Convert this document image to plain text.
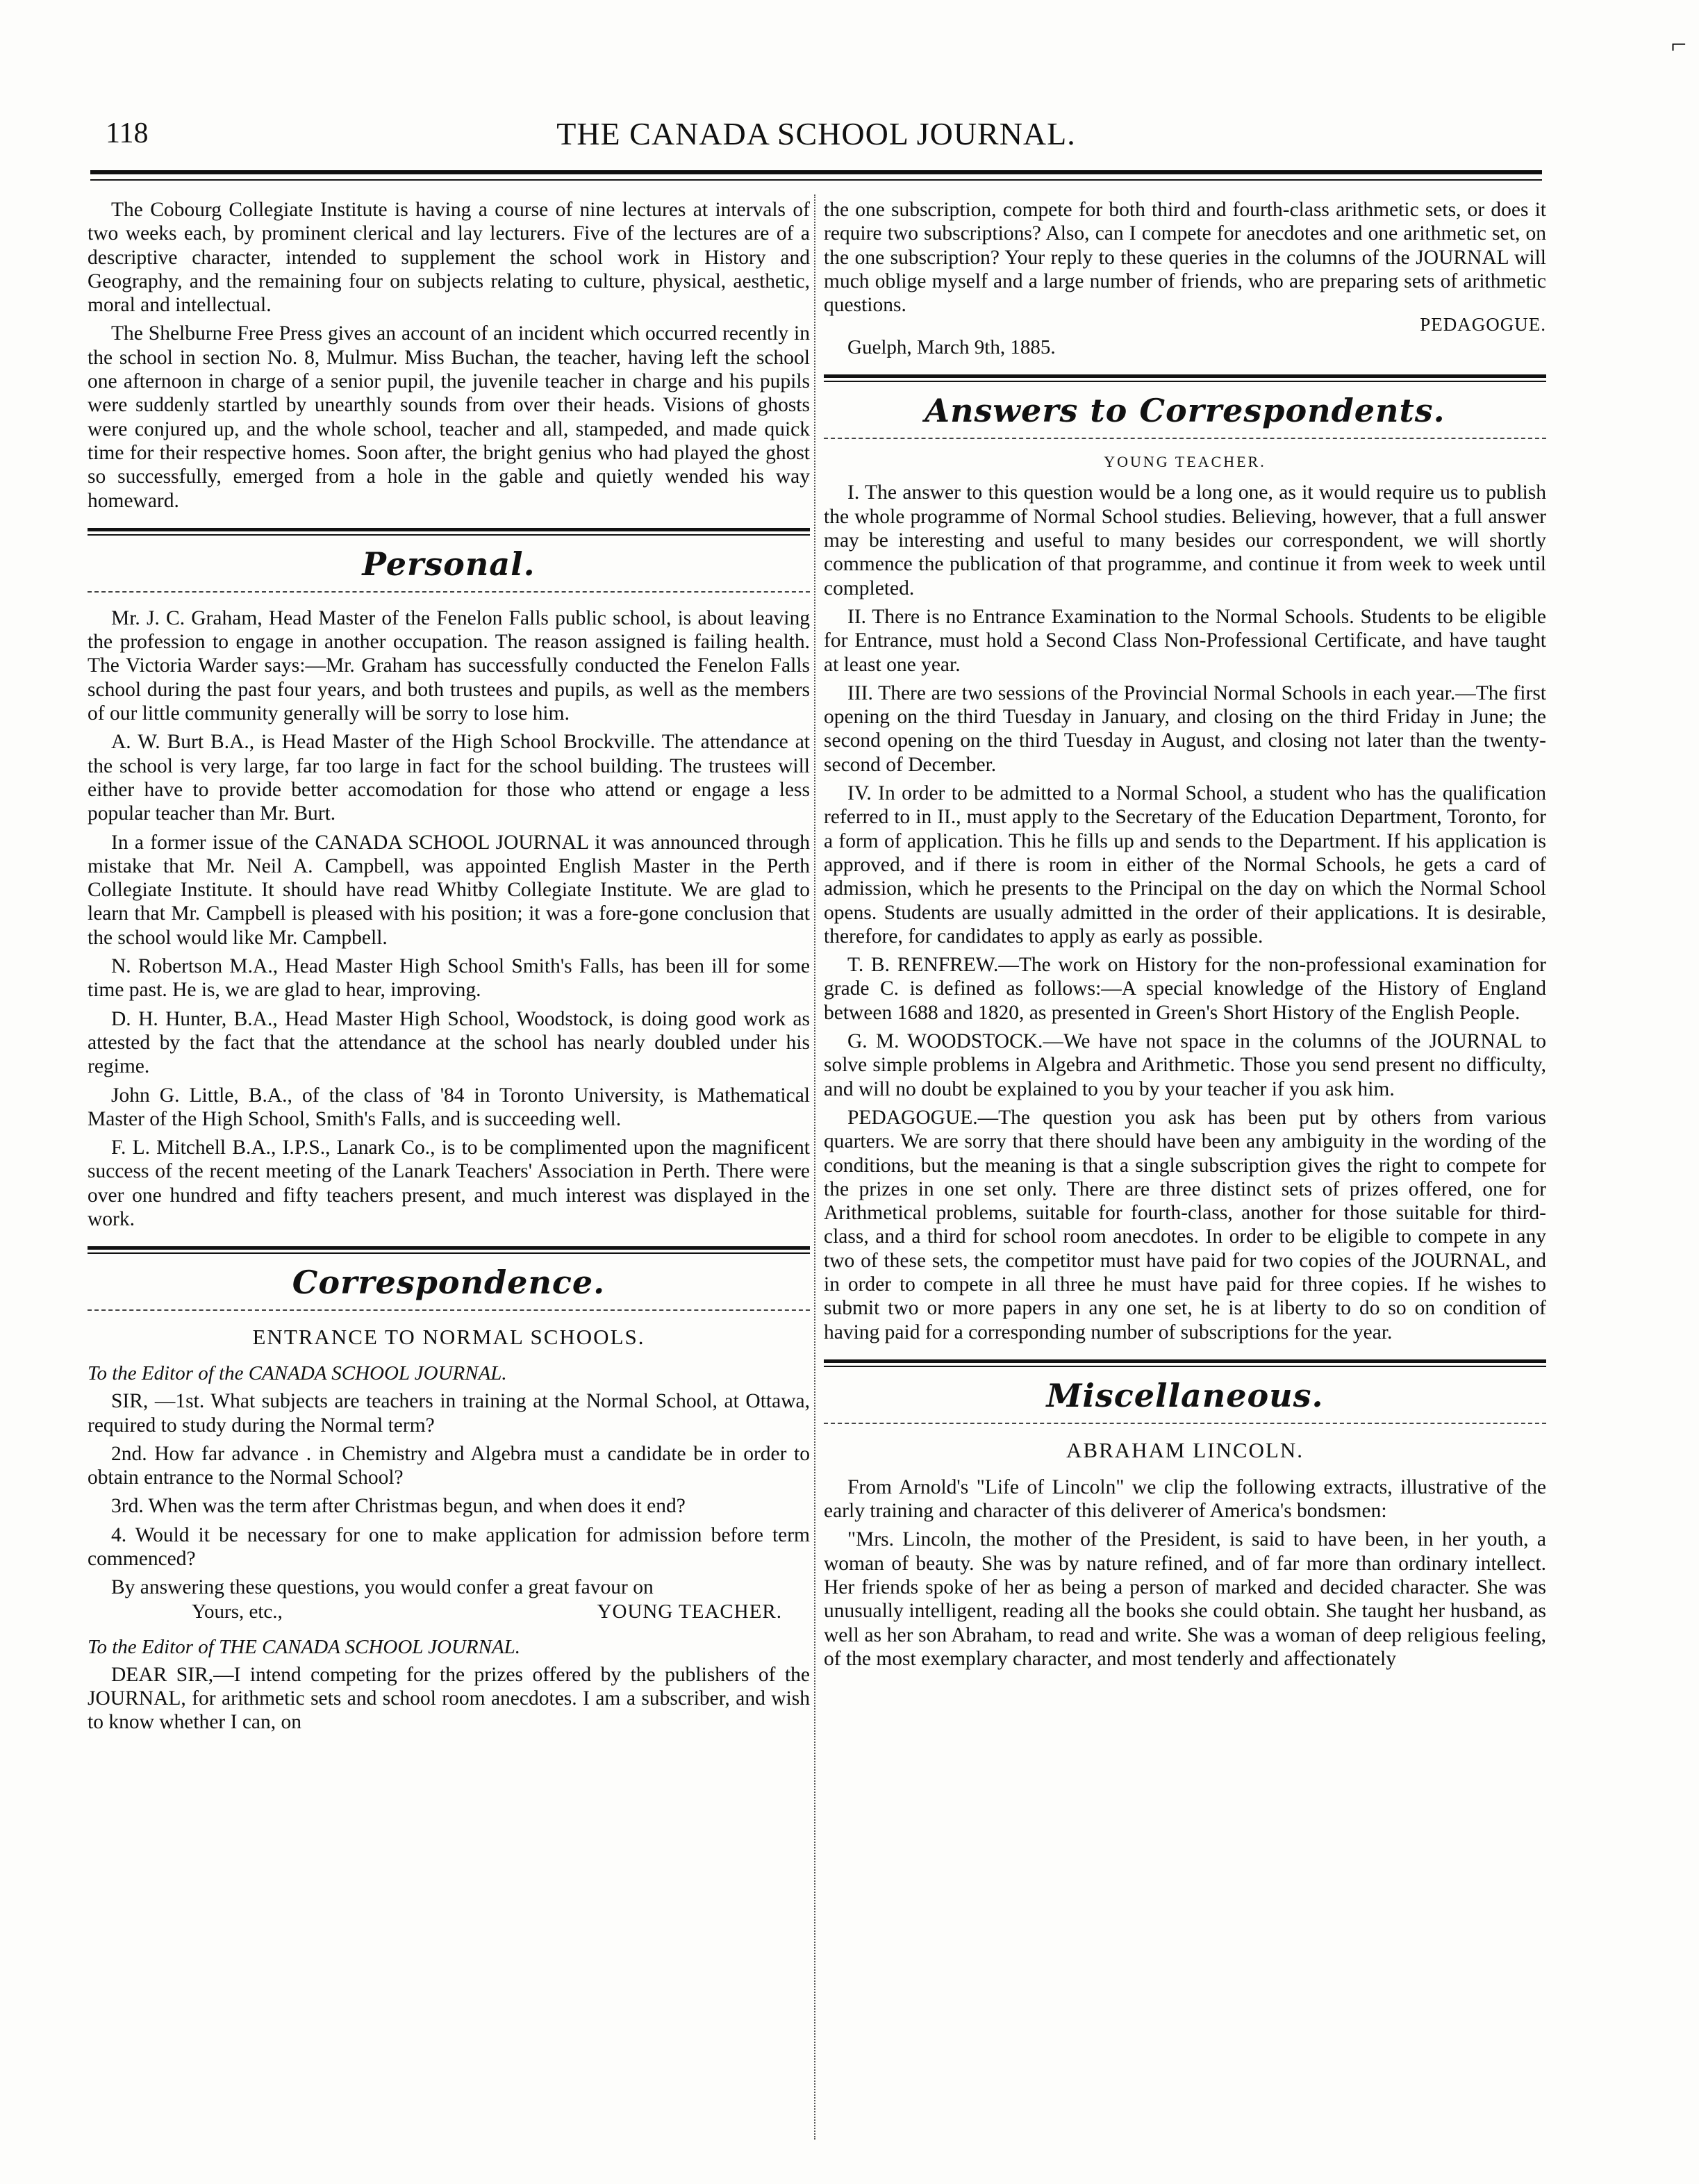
⌐
118	THE CANADA SCHOOL JOURNAL.

The Cobourg Collegiate Institute is having a course of nine lectures at intervals of two weeks each, by prominent clerical and lay lecturers. Five of the lectures are of a descriptive character, intended to supplement the school work in History and Geography, and the remaining four on subjects relating to culture, physical, aesthetic, moral and intellectual.

The Shelburne Free Press gives an account of an incident which occurred recently in the school in section No. 8, Mulmur. Miss Buchan, the teacher, having left the school one afternoon in charge of a senior pupil, the juvenile teacher in charge and his pupils were suddenly startled by unearthly sounds from over their heads. Visions of ghosts were conjured up, and the whole school, teacher and all, stampeded, and made quick time for their respective homes. Soon after, the bright genius who had played the ghost so successfully, emerged from a hole in the gable and quietly wended his way homeward.

Personal.

Mr. J. C. Graham, Head Master of the Fenelon Falls public school, is about leaving the profession to engage in another occupation. The reason assigned is failing health. The Victoria Warder says:—Mr. Graham has successfully conducted the Fenelon Falls school during the past four years, and both trustees and pupils, as well as the members of our little community generally will be sorry to lose him.

A. W. Burt B.A., is Head Master of the High School Brockville. The attendance at the school is very large, far too large in fact for the school building. The trustees will either have to provide better accomodation for those who attend or engage a less popular teacher than Mr. Burt.

In a former issue of the CANADA SCHOOL JOURNAL it was announced through mistake that Mr. Neil A. Campbell, was appointed English Master in the Perth Collegiate Institute. It should have read Whitby Collegiate Institute. We are glad to learn that Mr. Campbell is pleased with his position; it was a fore-gone conclusion that the school would like Mr. Campbell.

N. Robertson M.A., Head Master High School Smith's Falls, has been ill for some time past. He is, we are glad to hear, improving.

D. H. Hunter, B.A., Head Master High School, Woodstock, is doing good work as attested by the fact that the attendance at the school has nearly doubled under his regime.

John G. Little, B.A., of the class of '84 in Toronto University, is Mathematical Master of the High School, Smith's Falls, and is succeeding well.

F. L. Mitchell B.A., I.P.S., Lanark Co., is to be complimented upon the magnificent success of the recent meeting of the Lanark Teachers' Association in Perth. There were over one hundred and fifty teachers present, and much interest was displayed in the work.

Correspondence.
ENTRANCE TO NORMAL SCHOOLS.
To the Editor of the CANADA SCHOOL JOURNAL.

SIR, —1st. What subjects are teachers in training at the Normal School, at Ottawa, required to study during the Normal term?

2nd. How far advance . in Chemistry and Algebra must a candidate be in order to obtain entrance to the Normal School?

3rd. When was the term after Christmas begun, and when does it end?

4. Would it be necessary for one to make application for admission before term commenced?

By answering these questions, you would confer a great favour on

Yours, etc.,	YOUNG TEACHER.
To the Editor of THE CANADA SCHOOL JOURNAL.

DEAR SIR,—I intend competing for the prizes offered by the publishers of the JOURNAL, for arithmetic sets and school room anecdotes. I am a subscriber, and wish to know whether I can, on

the one subscription, compete for both third and fourth-class arithmetic sets, or does it require two subscriptions? Also, can I compete for anecdotes and one arithmetic set, on the one subscription? Your reply to these queries in the columns of the JOURNAL will much oblige myself and a large number of friends, who are preparing sets of arithmetic questions.

PEDAGOGUE.
Guelph, March 9th, 1885.
Answers to Correspondents.
YOUNG TEACHER.

I. The answer to this question would be a long one, as it would require us to publish the whole programme of Normal School studies. Believing, however, that a full answer may be interesting and useful to many besides our correspondent, we will shortly commence the publication of that programme, and continue it from week to week until completed.

II. There is no Entrance Examination to the Normal Schools. Students to be eligible for Entrance, must hold a Second Class Non-Professional Certificate, and have taught at least one year.

III. There are two sessions of the Provincial Normal Schools in each year.—The first opening on the third Tuesday in January, and closing on the third Friday in June; the second opening on the third Tuesday in August, and closing not later than the twenty-second of December.

IV. In order to be admitted to a Normal School, a student who has the qualification referred to in II., must apply to the Secretary of the Education Department, Toronto, for a form of application. This he fills up and sends to the Department. If his application is approved, and if there is room in either of the Normal Schools, he gets a card of admission, which he presents to the Principal on the day on which the Normal School opens. Students are usually admitted in the order of their applications. It is desirable, therefore, for candidates to apply as early as possible.

T. B. RENFREW.—The work on History for the non-professional examination for grade C. is defined as follows:—A special knowledge of the History of England between 1688 and 1820, as presented in Green's Short History of the English People.

G. M. WOODSTOCK.—We have not space in the columns of the JOURNAL to solve simple problems in Algebra and Arithmetic. Those you send present no difficulty, and will no doubt be explained to you by your teacher if you ask him.

PEDAGOGUE.—The question you ask has been put by others from various quarters. We are sorry that there should have been any ambiguity in the wording of the conditions, but the meaning is that a single subscription gives the right to compete for the prizes in one set only. There are three distinct sets of prizes offered, one for Arithmetical problems, suitable for fourth-class, another for those suitable for third-class, and a third for school room anecdotes. In order to be eligible to compete in any two of these sets, the competitor must have paid for two copies of the JOURNAL, and in order to compete in all three he must have paid for three copies. If he wishes to submit two or more papers in any one set, he is at liberty to do so on condition of having paid for a corresponding number of subscriptions for the year.

Miscellaneous.
ABRAHAM LINCOLN.

From Arnold's "Life of Lincoln" we clip the following extracts, illustrative of the early training and character of this deliverer of America's bondsmen:

"Mrs. Lincoln, the mother of the President, is said to have been, in her youth, a woman of beauty. She was by nature refined, and of far more than ordinary intellect. Her friends spoke of her as being a person of marked and decided character. She was unusually intelligent, reading all the books she could obtain. She taught her husband, as well as her son Abraham, to read and write. She was a woman of deep religious feeling, of the most exemplary character, and most tenderly and affectionately
